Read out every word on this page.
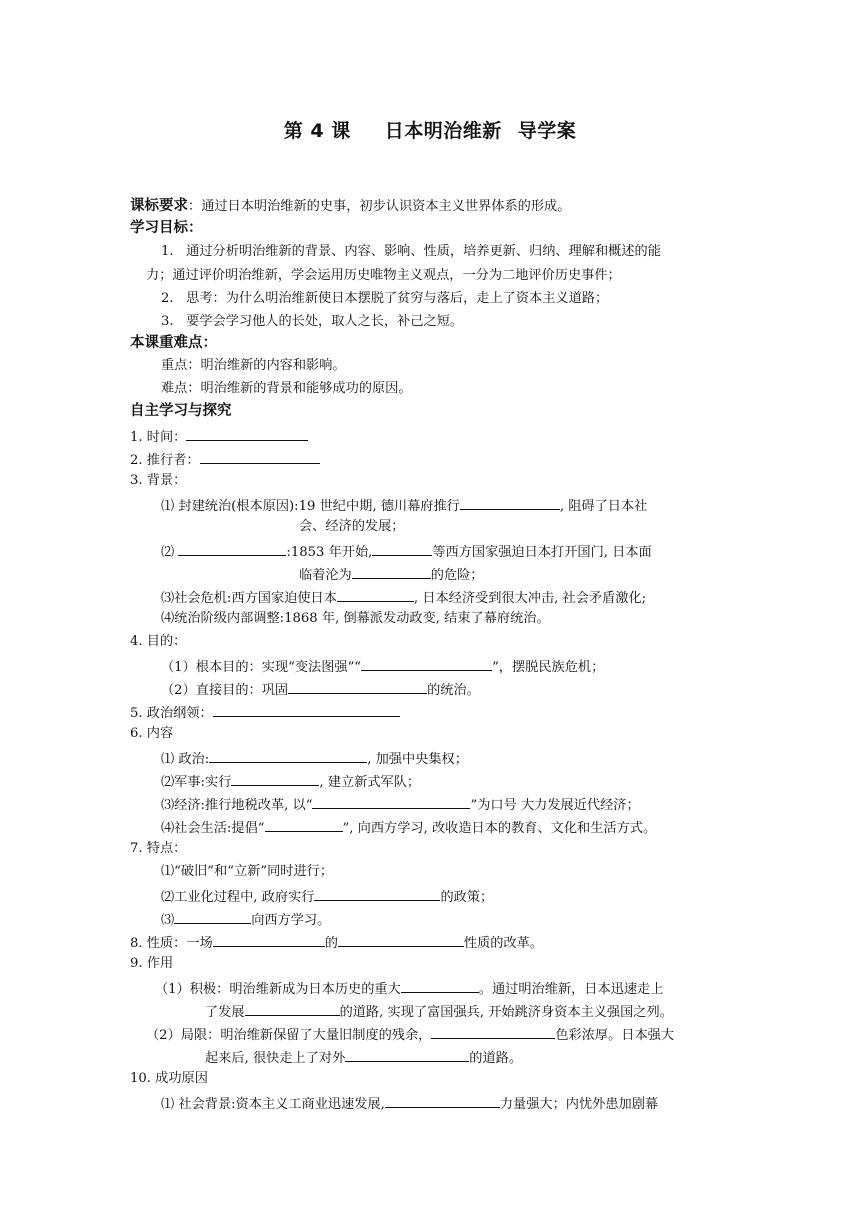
第 4 课 日本明治维新 导学案
课标要求：通过日本明治维新的史事，初步认识资本主义世界体系的形成。
学习目标：
1. 通过分析明治维新的背景、内容、影响、性质，培养更新、归纳、理解和概述的能
力；通过评价明治维新，学会运用历史唯物主义观点，一分为二地评价历史事件；
2. 思考：为什么明治维新使日本摆脱了贫穷与落后，走上了资本主义道路；
3. 要学会学习他人的长处，取人之长，补己之短。
本课重难点：
重点：明治维新的内容和影响。
难点：明治维新的背景和能够成功的原因。
自主学习与探究
1. 时间：
2. 推行者：
3. 背景：
⑴ 封建统治(根本原因):19 世纪中期, 德川幕府推行	, 阻碍了日本社
会、经济的发展；
⑵	:1853 年开始,	等西方国家强迫日本打开国门, 日本面
临着沦为	的危险；
⑶社会危机:西方国家迫使日本	, 日本经济受到很大冲击, 社会矛盾激化;
⑷统治阶级内部调整:1868 年, 倒幕派发动政变, 结束了幕府统治。
4. 目的：
（1）根本目的：实现“变法图强”“	”，摆脱民族危机；
（2）直接目的：巩固	的统治。
5. 政治纲领：
6. 内容
⑴ 政治:	, 加强中央集权；
⑵军事:实行	, 建立新式军队；
⑶经济:推行地税改革, 以“	”为口号 大力发展近代经济；
⑷社会生活:提倡“	”, 向西方学习, 改收造日本的教育、文化和生活方式。
7. 特点：
⑴“破旧”和“立新”同时进行；
⑵工业化过程中, 政府实行	的政策；
⑶	向西方学习。
8. 性质：一场	的	性质的改革。
9. 作用
（1）积极：明治维新成为日本历史的重大	。通过明治维新，日本迅速走上
了发展	的道路, 实现了富国强兵, 开始跳济身资本主义强国之列。
（2）局限：明治维新保留了大量旧制度的残余，	色彩浓厚。日本强大
起来后, 很快走上了对外	的道路。
10. 成功原因
⑴ 社会背景:资本主义工商业迅速发展,	力量强大；内忧外患加剧幕
